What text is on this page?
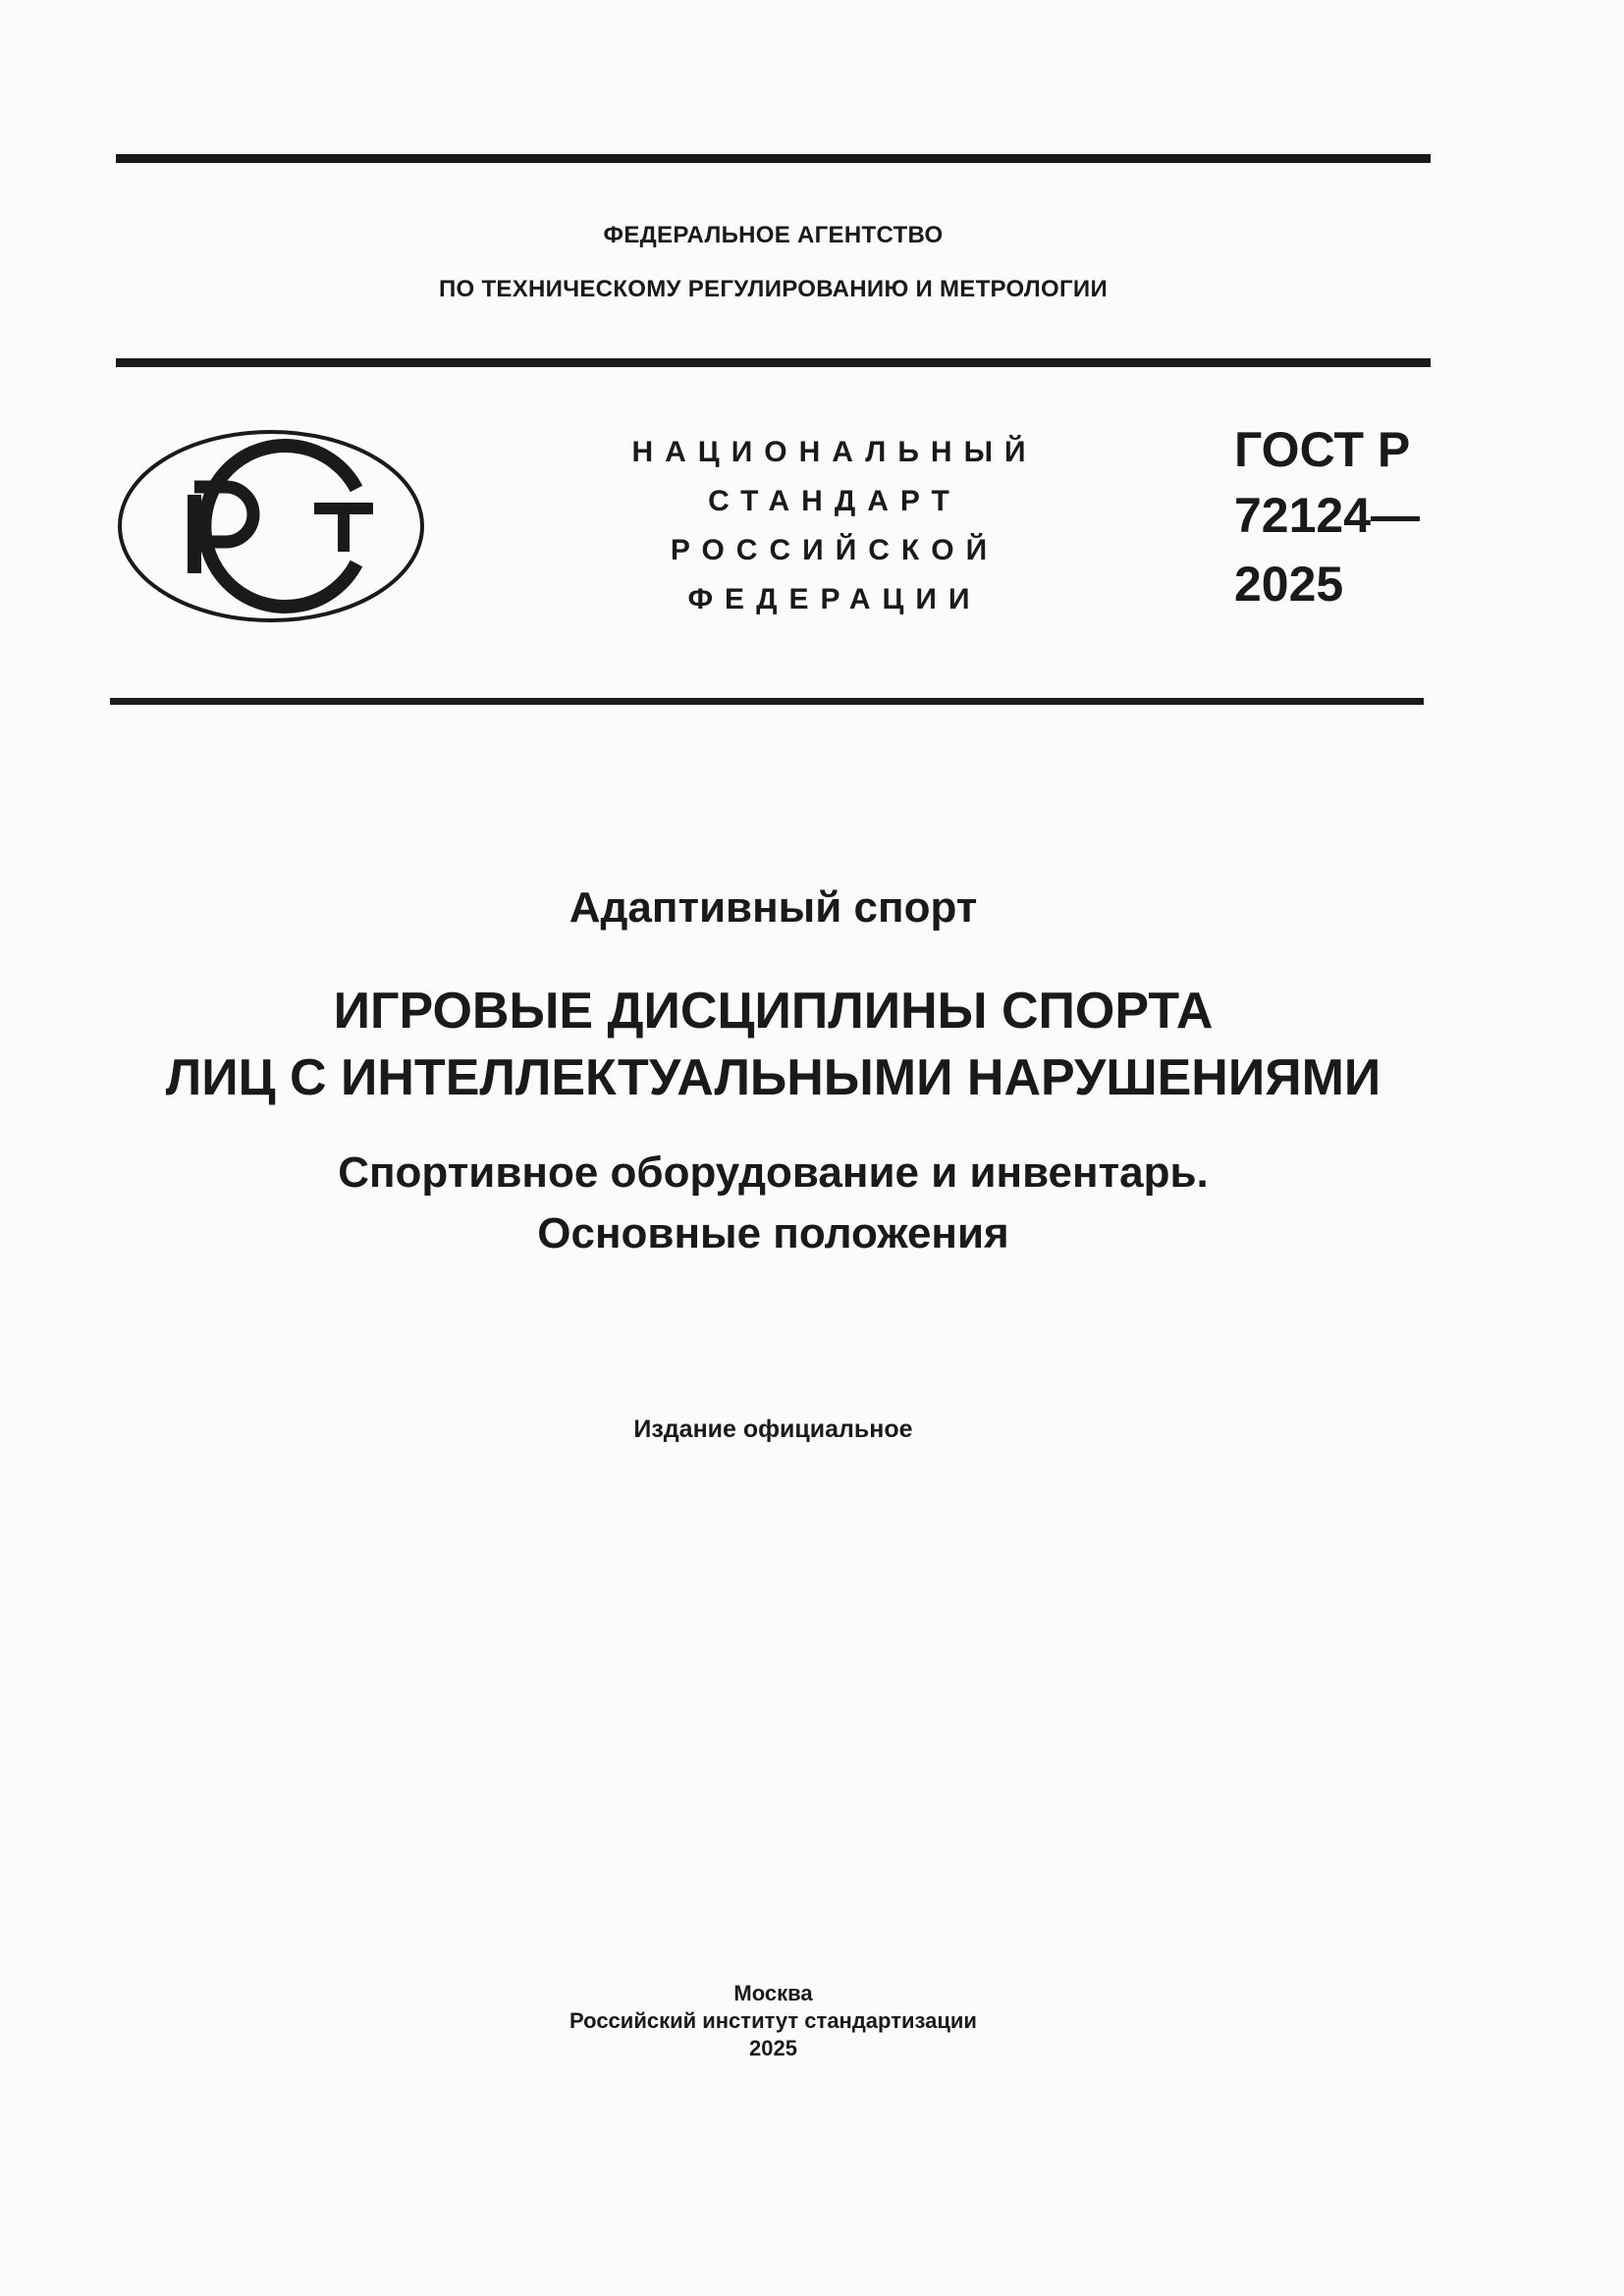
ФЕДЕРАЛЬНОЕ АГЕНТСТВО
ПО ТЕХНИЧЕСКОМУ РЕГУЛИРОВАНИЮ И МЕТРОЛОГИИ
НАЦИОНАЛЬНЫЙ
СТАНДАРТ
РОССИЙСКОЙ
ФЕДЕРАЦИИ
ГОСТ Р
72124—
2025
Адаптивный спорт
ИГРОВЫЕ ДИСЦИПЛИНЫ СПОРТА
ЛИЦ С ИНТЕЛЛЕКТУАЛЬНЫМИ НАРУШЕНИЯМИ
Спортивное оборудование и инвентарь.
Основные положения
Издание официальное
Москва
Российский институт стандартизации
2025
